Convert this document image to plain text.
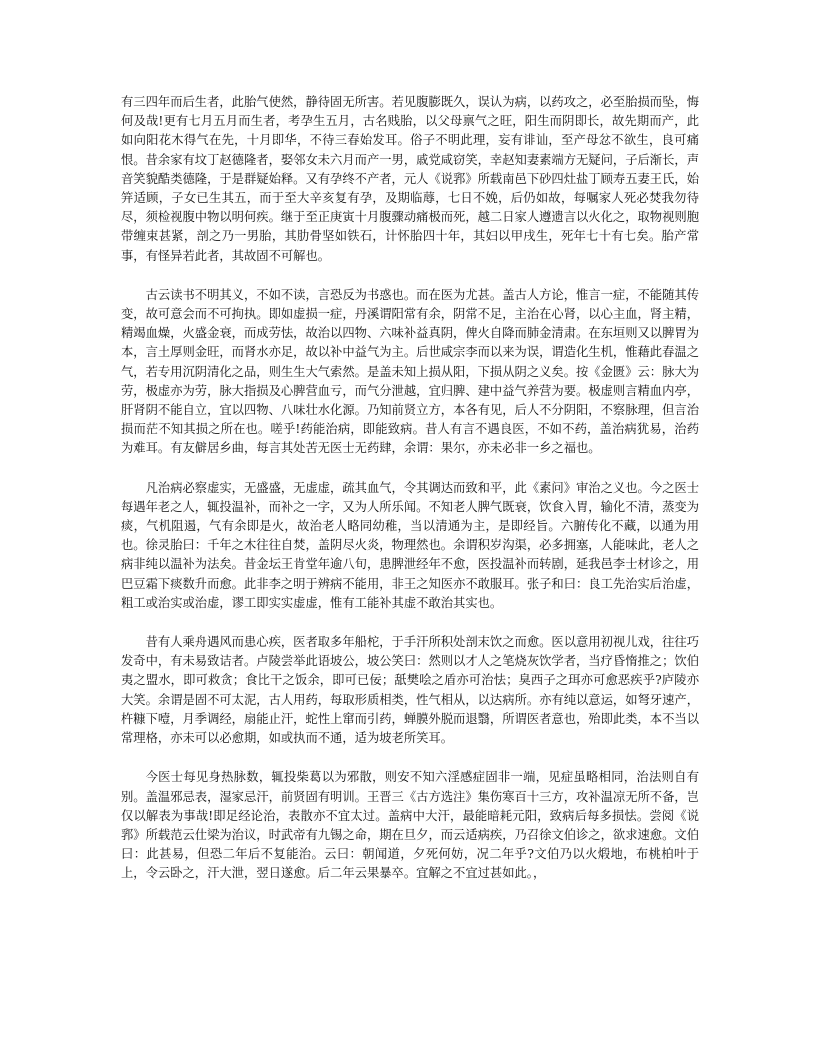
有三四年而后生者，此胎气使然，静待固无所害。若见腹膨既久，误认为病，以药攻之，必至胎损而坠，悔何及哉!更有七月五月而生者，考孕生五月，古名贱胎，以父母禀气之旺，阳生而阴即长，故先期而产，此如向阳花木得气在先，十月即华，不待三春始发耳。俗子不明此理，妄有诽讪，至产母忿不欲生，良可痛恨。昔余家有坟丁赵德隆者，娶邻女未六月而产一男，戚党咸窃笑，幸赵知妻素端方无疑问，子后渐长，声音笑貌酷类德隆，于是群疑始释。又有孕终不产者，元人《说郛》所载南邑下砂四灶盐丁顾寿五妻王氏，始笄适顾，子女已生其五，而于至大辛亥复有孕，及期临蓐，七日不娩，后仍如故，每嘱家人死必焚我勿待尽，须检视腹中物以明何疾。继于至正庚寅十月腹骤动痛极而死，越二日家人遵遗言以火化之，取物视则胞带缠束甚紧，剖之乃一男胎，其肋骨坚如铁石，计怀胎四十年，其妇以甲戌生，死年七十有七矣。胎产常事，有怪异若此者，其故固不可解也。

古云读书不明其义，不如不读，言恐反为书惑也。而在医为尤甚。盖古人方论，惟言一症，不能随其传变，故可意会而不可拘执。即如虚损一症，丹溪谓阳常有余，阴常不足，主治在心肾，以心主血，肾主精，精竭血燥，火盛金衰，而成劳怯，故治以四物、六味补益真阴，俾火自降而肺金清肃。在东垣则又以脾胃为本，言土厚则金旺，而肾水亦足，故以补中益气为主。后世咸宗李而以来为误，谓造化生机，惟藉此春温之气，若专用沉阴清化之品，则生生大气索然。是盖未知上损从阳，下损从阴之义矣。按《金匮》云：脉大为劳，极虚亦为劳，脉大指损及心脾营血亏，而气分泄越，宜归脾、建中益气养营为要。极虚则言精血内亭，肝肾阴不能自立，宜以四物、八味壮水化源。乃知前贤立方，本各有见，后人不分阴阳，不察脉理，但言治损而茫不知其损之所在也。嗟乎!药能治病，即能致病。昔人有言不遇良医，不如不药，盖治病犹易，治药为难耳。有友僻居乡曲，每言其处苦无医士无药肆，余谓：果尔，亦未必非一乡之福也。

凡治病必察虚实，无盛盛，无虚虚，疏其血气，令其调达而致和平，此《素问》审治之义也。今之医士每遇年老之人，辄投温补，而补之一字，又为人所乐闻。不知老人脾气既衰，饮食入胃，输化不清，蒸变为痰，气机阻遏，气有余即是火，故治老人略同幼稚，当以清通为主，是即经旨。六腑传化不藏，以通为用也。徐灵胎曰：千年之木往往自焚，盖阴尽火炎，物理然也。余谓积岁沟渠，必多拥塞，人能味此，老人之病非纯以温补为法矣。昔金坛王肯堂年逾八旬，患脾泄经年不愈，医投温补而转剧，延我邑李士材诊之，用巴豆霜下痰数升而愈。此非李之明于辨病不能用，非王之知医亦不敢服耳。张子和曰：良工先治实后治虚，粗工或治实或治虚，谬工即实实虚虚，惟有工能补其虚不敢治其实也。

昔有人乘舟遇风而患心疾，医者取多年船柁，于手汗所积处剖末饮之而愈。医以意用初视儿戏，往往巧发奇中，有未易致诘者。卢陵尝举此语坡公，坡公笑曰：然则以才人之笔烧灰饮学者，当疗昏惰推之；饮伯夷之盟水，即可救贪；食比干之饭余，即可已佞；舐樊哙之盾亦可治怯；臭西子之珥亦可愈恶疾乎?庐陵亦大笑。余谓是固不可太泥，古人用药，每取形质相类，性气相从，以达病所。亦有纯以意运，如弩牙速产，杵糠下噎，月季调经，扇能止汗，蛇性上窜而引药，蝉膜外脱而退翳，所谓医者意也，殆即此类，本不当以常理格，亦未可以必愈期，如或执而不通，适为坡老所笑耳。

今医士每见身热脉数，辄投柴葛以为邪散，则安不知六淫感症固非一端，见症虽略相同，治法则自有别。盖温邪忌表，湿家忌汗，前贤固有明训。王晋三《古方选注》集伤寒百十三方，攻补温凉无所不备，岂仅以解表为事哉!即足经论治，表散亦不宜太过。盖病中大汗，最能暗耗元阳，致病后每多损怯。尝阅《说郛》所载范云仕梁为治议，时武帝有九锡之命，期在旦夕，而云适病疾，乃召徐文伯诊之，欲求速愈。文伯曰：此甚易，但恐二年后不复能治。云曰：朝闻道，夕死何妨，况二年乎?文伯乃以火煅地，布桃柏叶于上，令云卧之，汗大泄，翌日遂愈。后二年云果暴卒。宜解之不宜过甚如此。，
